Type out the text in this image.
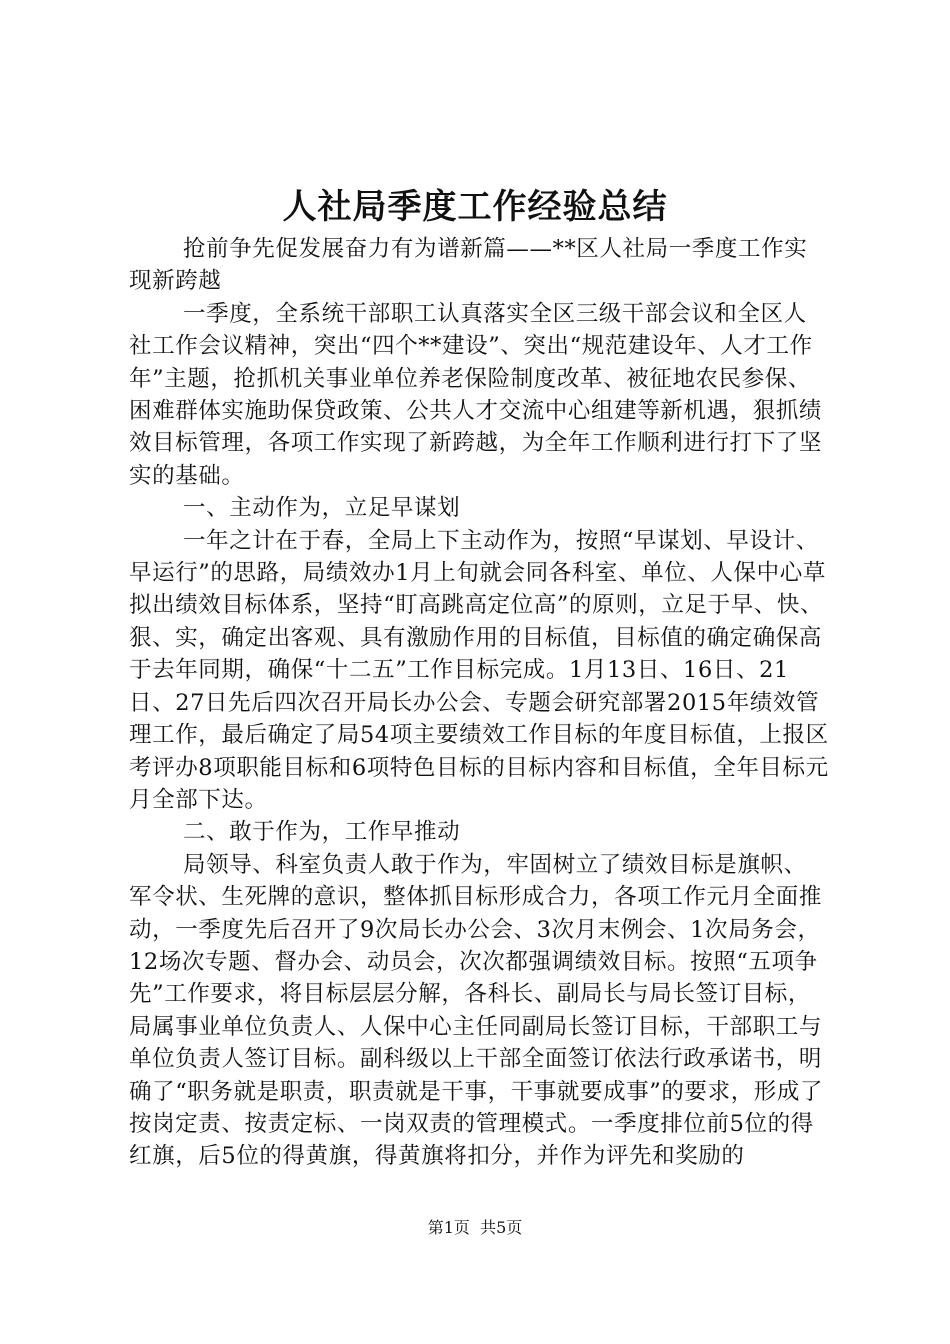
人社局季度工作经验总结

抢前争先促发展奋力有为谱新篇——**区人社局一季度工作实现新跨越

一季度，全系统干部职工认真落实全区三级干部会议和全区人社工作会议精神，突出“四个**建设”、突出“规范建设年、人才工作年”主题，抢抓机关事业单位养老保险制度改革、被征地农民参保、困难群体实施助保贷政策、公共人才交流中心组建等新机遇，狠抓绩效目标管理，各项工作实现了新跨越，为全年工作顺利进行打下了坚实的基础。

一、主动作为，立足早谋划

一年之计在于春，全局上下主动作为，按照“早谋划、早设计、早运行”的思路，局绩效办1月上旬就会同各科室、单位、人保中心草拟出绩效目标体系，坚持“盯高跳高定位高”的原则，立足于早、快、狠、实，确定出客观、具有激励作用的目标值，目标值的确定确保高于去年同期，确保“十二五”工作目标完成。1月13日、16日、21日、27日先后四次召开局长办公会、专题会研究部署2015年绩效管理工作，最后确定了局54项主要绩效工作目标的年度目标值，上报区考评办8项职能目标和6项特色目标的目标内容和目标值，全年目标元月全部下达。

二、敢于作为，工作早推动

局领导、科室负责人敢于作为，牢固树立了绩效目标是旗帜、军令状、生死牌的意识，整体抓目标形成合力，各项工作元月全面推动，一季度先后召开了9次局长办公会、3次月末例会、1次局务会，12场次专题、督办会、动员会，次次都强调绩效目标。按照“五项争先”工作要求，将目标层层分解，各科长、副局长与局长签订目标，局属事业单位负责人、人保中心主任同副局长签订目标，干部职工与单位负责人签订目标。副科级以上干部全面签订依法行政承诺书，明确了“职务就是职责，职责就是干事，干事就要成事”的要求，形成了按岗定责、按责定标、一岗双责的管理模式。一季度排位前5位的得红旗，后5位的得黄旗，得黄旗将扣分，并作为评先和奖励的

第1页 共5页
